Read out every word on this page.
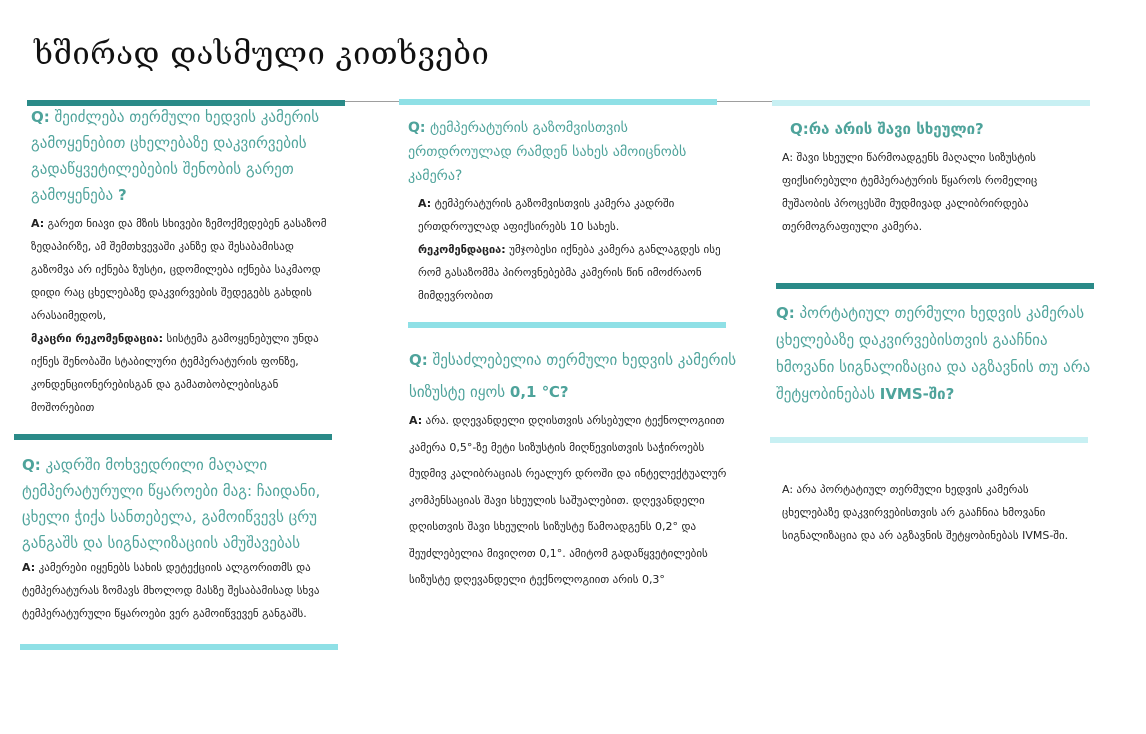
ხშირად დასმული კითხვები

Q: შეიძლება თერმული ხედვის კამერის გამოყენებით ცხელებაზე დაკვირვების გადაწყვეტილებების შენობის გარეთ გამოყენება ?

A: გარეთ ნიავი და მზის სხივები ზემოქმედებენ გასაზომ ზედაპირზე, ამ შემთხვევაში კანზე და შესაბამისად გაზომვა არ იქნება ზუსტი, ცდომილება იქნება საკმაოდ დიდი რაც ცხელებაზე დაკვირვების შედეგებს გახდის არასაიმედოს,
მკაცრი რეკომენდაცია: სისტემა გამოყენებული უნდა იქნეს შენობაში სტაბილური ტემპერატურის ფონზე, კონდენციონერებისგან და გამათბობლებისგან მოშორებით

Q: კადრში მოხვედრილი მაღალი ტემპერატურული წყაროები მაგ: ჩაიდანი, ცხელი ჭიქა სანთებელა, გამოიწვევს ცრუ განგაშს და სიგნალიზაციის ამუშავებას

A: კამერები იყენებს სახის დეტექციის ალგორითმს და ტემპერატურას ზომავს მხოლოდ მასზე შესაბამისად სხვა ტემპერატურული წყაროები ვერ გამოიწვევენ განგაშს.

Q: ტემპერატურის გაზომვისთვის ერთდროულად რამდენ სახეს ამოიცნობს კამერა?

A: ტემპერატურის გაზომვისთვის კამერა კადრში ერთდროულად აფიქსირებს 10 სახეს.
რეკომენდაცია: უმჯობესი იქნება კამერა განლაგდეს ისე რომ გასაზომმა პიროვნებებმა კამერის წინ იმოძრაონ მიმდევრობით

Q: შესაძლებელია თერმული ხედვის კამერის სიზუსტე იყოს 0,1 ℃?

A: არა. დღევანდელი დღისთვის არსებული ტექნოლოგიით კამერა 0,5°-ზე მეტი სიზუსტის მიღწევისთვის საჭიროებს მუდმივ კალიბრაციას რეალურ დროში და ინტელექტუალურ კომპენსაციას შავი სხეულის საშუალებით. დღევანდელი დღისთვის შავი სხეულის სიზუსტე წამოადგენს 0,2° და შეუძლებელია მივიღოთ 0,1°. ამიტომ გადაწყვეტილების სიზუსტე დღევანდელი ტექნოლოგიით არის 0,3°

Q:რა არის შავი სხეული?

A: შავი სხეული წარმოადგენს მაღალი სიზუსტის ფიქსირებული ტემპერატურის წყაროს რომელიც მუშაობის პროცესში მუდმივად კალიბრირდება თერმოგრაფიული კამერა.

Q: პორტატიულ თერმული ხედვის კამერას ცხელებაზე დაკვირვებისთვის გააჩნია ხმოვანი სიგნალიზაცია და აგზავნის თუ არა შეტყობინებას IVMS-ში?

A: არა პორტატიულ თერმული ხედვის კამერას ცხელებაზე დაკვირვებისთვის არ გააჩნია ხმოვანი სიგნალიზაცია და არ აგზავნის შეტყობინებას IVMS-ში.
